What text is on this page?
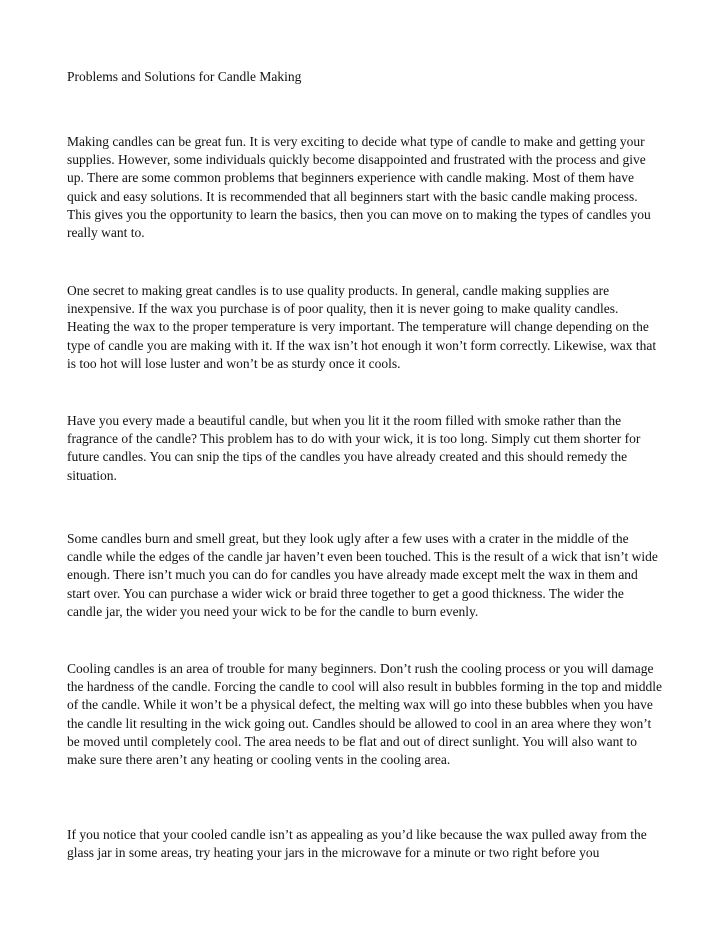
Problems and Solutions for Candle Making

Making candles can be great fun. It is very exciting to decide what type of candle to make and getting your supplies. However, some individuals quickly become disappointed and frustrated with the process and give up. There are some common problems that beginners experience with candle making. Most of them have quick and easy solutions. It is recommended that all beginners start with the basic candle making process. This gives you the opportunity to learn the basics, then you can move on to making the types of candles you really want to.

One secret to making great candles is to use quality products. In general, candle making supplies are inexpensive. If the wax you purchase is of poor quality, then it is never going to make quality candles. Heating the wax to the proper temperature is very important. The temperature will change depending on the type of candle you are making with it. If the wax isn’t hot enough it won’t form correctly. Likewise, wax that is too hot will lose luster and won’t be as sturdy once it cools.

Have you every made a beautiful candle, but when you lit it the room filled with smoke rather than the fragrance of the candle? This problem has to do with your wick, it is too long. Simply cut them shorter for future candles. You can snip the tips of the candles you have already created and this should remedy the situation.

Some candles burn and smell great, but they look ugly after a few uses with a crater in the middle of the candle while the edges of the candle jar haven’t even been touched. This is the result of a wick that isn’t wide enough. There isn’t much you can do for candles you have already made except melt the wax in them and start over. You can purchase a wider wick or braid three together to get a good thickness. The wider the candle jar, the wider you need your wick to be for the candle to burn evenly.

Cooling candles is an area of trouble for many beginners. Don’t rush the cooling process or you will damage the hardness of the candle. Forcing the candle to cool will also result in bubbles forming in the top and middle of the candle. While it won’t be a physical defect, the melting wax will go into these bubbles when you have the candle lit resulting in the wick going out. Candles should be allowed to cool in an area where they won’t be moved until completely cool. The area needs to be flat and out of direct sunlight. You will also want to make sure there aren’t any heating or cooling vents in the cooling area.

If you notice that your cooled candle isn’t as appealing as you’d like because the wax pulled away from the glass jar in some areas, try heating your jars in the microwave for a minute or two right before you
